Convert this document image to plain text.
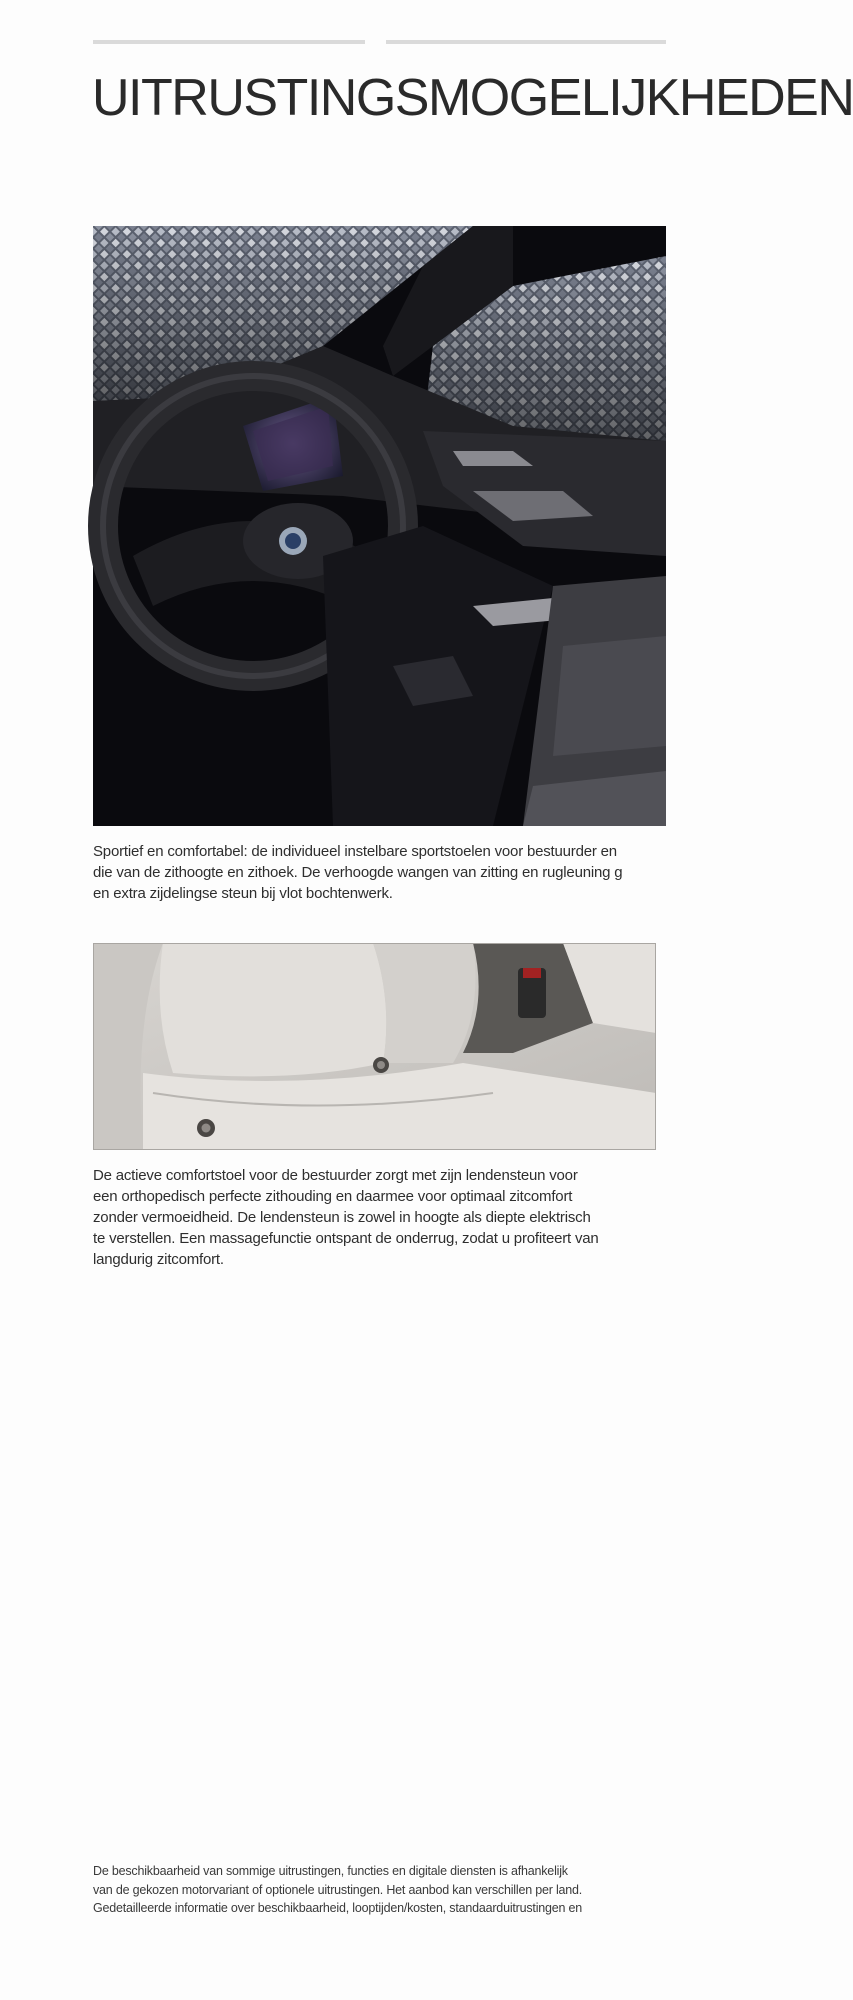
UITRUSTINGSMOGELIJKHEDEN

Sportief en comfortabel: de individueel instelbare sportstoelen voor bestuurder en
die van de zithoogte en zithoek. De verhoogde wangen van zitting en rugleuning g
en extra zijdelingse steun bij vlot bochtenwerk.

De actieve comfortstoel voor de bestuurder zorgt met zijn lendensteun voor
een orthopedisch perfecte zithouding en daarmee voor optimaal zitcomfort
zonder vermoeidheid. De lendensteun is zowel in hoogte als diepte elektrisch
te verstellen. Een massagefunctie ontspant de onderrug, zodat u profiteert van
langdurig zitcomfort.

De beschikbaarheid van sommige uitrustingen, functies en digitale diensten is afhankelijk
van de gekozen motorvariant of optionele uitrustingen. Het aanbod kan verschillen per land.
Gedetailleerde informatie over beschikbaarheid, looptijden/kosten, standaarduitrustingen en
